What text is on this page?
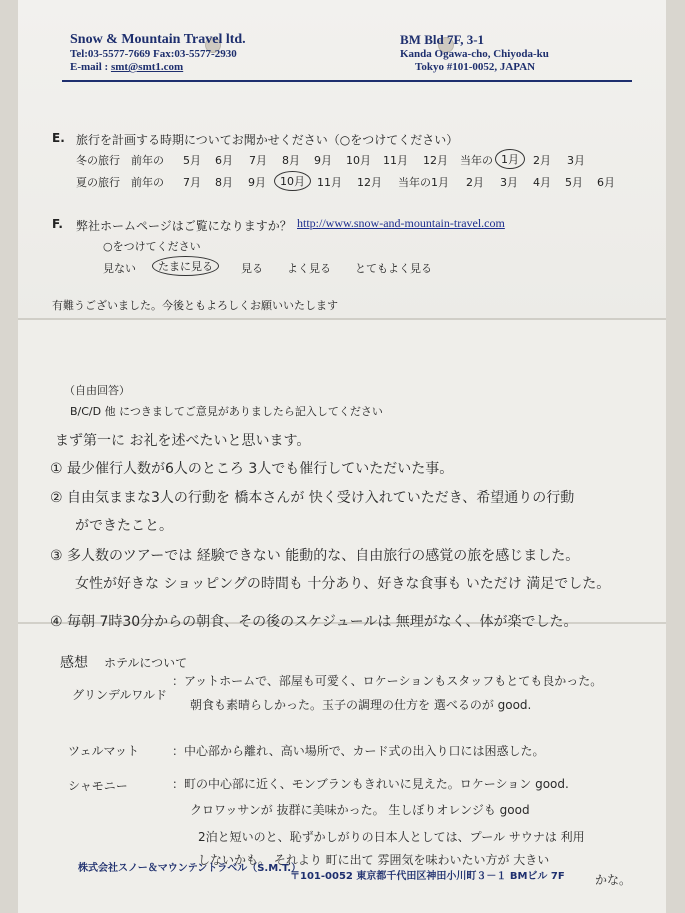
Snow & Mountain Travel ltd.
Tel:03-5577-7669 Fax:03-5577-2930
E-mail : smt@smt1.com
BM Bld 7F, 3-1
Kanda Ogawa-cho, Chiyoda-ku
Tokyo #101-0052, JAPAN
E. 旅行を計画する時期についてお聞かせください（○をつけてください）
冬の旅行 前年の 5月 6月 7月 8月 9月 10月 11月 12月 当年の 1月	2月 3月
夏の旅行 前年の 7月 8月 9月	10月	11月 12月 当年の 1月 2月 3月 4月 5月 6月
F. 弊社ホームページはご覧になりますか？ http://www.snow-and-mountain-travel.com
○をつけてください
見ない	たまに見る	見る よく見る とてもよく見る
有難うございました。今後ともよろしくお願いいたします
（自由回答）
B/C/D 他 につきましてご意見がありましたら記入してください
まず第一に お礼を述べたいと思います。
① 最少催行人数が6人のところ 3人でも催行していただいた事。
② 自由気ままな3人の行動を 橋本さんが 快く受け入れていただき、希望通りの行動
ができたこと。
③ 多人数のツアーでは 経験できない 能動的な、自由旅行の感覚の旅を感じました。
女性が好きな ショッピングの時間も 十分あり、好きな食事も いただけ 満足でした。
④ 毎朝 7時30分からの朝食、その後のスケジュールは 無理がなく、体が楽でした。
感想 ホテルについて
グリンデルワルド
：アットホームで、部屋も可愛く、ロケーションもスタッフもとても良かった。
朝食も素晴らしかった。玉子の調理の仕方を 選べるのが good.
ツェルマット	：中心部から離れ、高い場所で、カード式の出入り口には困惑した。
シャモニー	：町の中心部に近く、モンブランもきれいに見えた。ロケーション good.
クロワッサンが 抜群に美味かった。 生しぼりオレンジも good
2泊と短いのと、恥ずかしがりの日本人としては、プール サウナは 利用
しないかも。 それより 町に出て 雰囲気を味わいたい方が 大きい
かな。
株式会社スノー＆マウンテントラベル（S.M.T.）
〒101-0052 東京都千代田区神田小川町３－１ BMビル 7F
